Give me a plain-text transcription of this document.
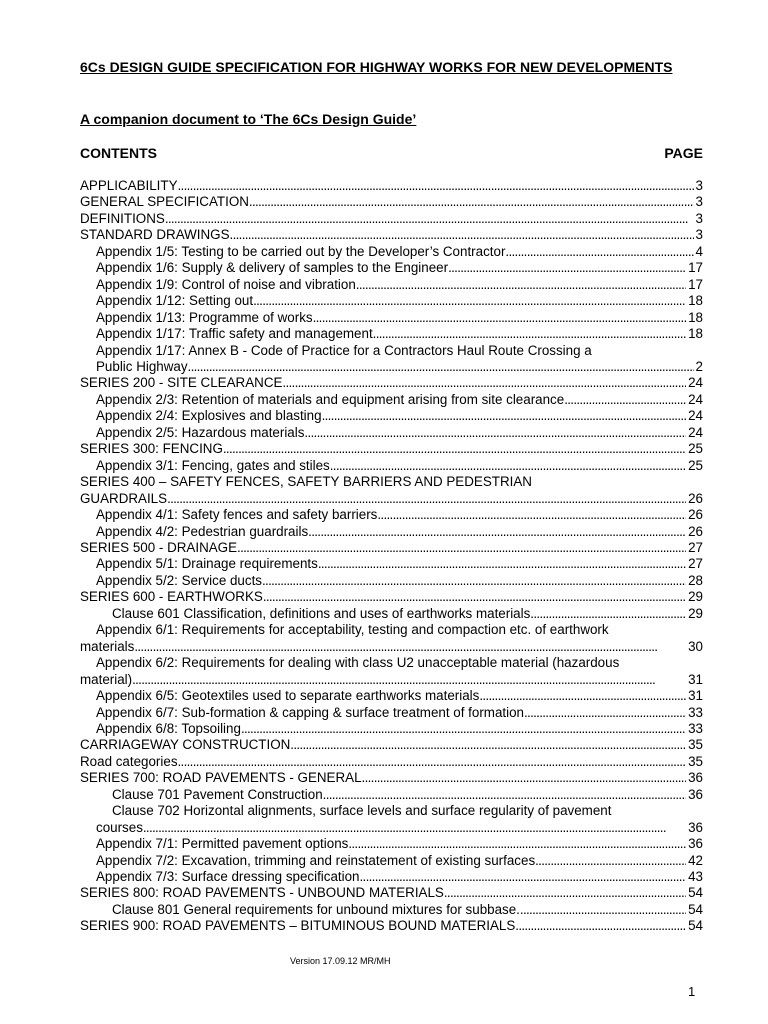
6Cs DESIGN GUIDE SPECIFICATION FOR HIGHWAY WORKS FOR NEW DEVELOPMENTS
A companion document to ‘The 6Cs Design Guide’
CONTENTS	PAGE
APPLICABILITY . . .	3
GENERAL SPECIFICATION . . .	3
DEFINITIONS . . .	3
STANDARD DRAWINGS . . .	3
Appendix 1/5: Testing to be carried out by the Developer’s Contractor . . .	4
Appendix 1/6: Supply & delivery of samples to the Engineer . . .	17
Appendix 1/9: Control of noise and vibration . . .	17
Appendix 1/12: Setting out . . .	18
Appendix 1/13: Programme of works . . .	18
Appendix 1/17: Traffic safety and management . . .	18
Appendix 1/17: Annex B - Code of Practice for a Contractors Haul Route Crossing a
Public Highway . . .	2
SERIES 200 - SITE CLEARANCE . . .	24
Appendix 2/3: Retention of materials and equipment arising from site clearance . . .	24
Appendix 2/4: Explosives and blasting . . .	24
Appendix 2/5: Hazardous materials . . .	24
SERIES 300: FENCING . . .	25
Appendix 3/1: Fencing, gates and stiles . . .	25
SERIES 400 – SAFETY FENCES, SAFETY BARRIERS AND PEDESTRIAN
GUARDRAILS . . .	26
Appendix 4/1: Safety fences and safety barriers . . .	26
Appendix 4/2: Pedestrian guardrails . . .	26
SERIES 500 - DRAINAGE . . .	27
Appendix 5/1: Drainage requirements . . .	27
Appendix 5/2: Service ducts . . .	28
SERIES 600 - EARTHWORKS . . .	29
Clause 601 Classification, definitions and uses of earthworks materials . . .	29
Appendix 6/1: Requirements for acceptability, testing and compaction etc. of earthwork
materials . . .	30
Appendix 6/2: Requirements for dealing with class U2 unacceptable material (hazardous
material) . . .	31
Appendix 6/5: Geotextiles used to separate earthworks materials . . .	31
Appendix 6/7: Sub-formation & capping & surface treatment of formation . . .	33
Appendix 6/8: Topsoiling . . .	33
CARRIAGEWAY CONSTRUCTION . . .	35
Road categories . . .	35
SERIES 700: ROAD PAVEMENTS - GENERAL . . .	36
Clause 701 Pavement Construction . . .	36
Clause 702 Horizontal alignments, surface levels and surface regularity of pavement
courses . . .	36
Appendix 7/1: Permitted pavement options . . .	36
Appendix 7/2: Excavation, trimming and reinstatement of existing surfaces . . .	42
Appendix 7/3: Surface dressing specification . . .	43
SERIES 800: ROAD PAVEMENTS - UNBOUND MATERIALS . . .	54
Clause 801 General requirements for unbound mixtures for subbase. . . .	54
SERIES 900: ROAD PAVEMENTS – BITUMINOUS BOUND MATERIALS . . .	54
Version 17.09.12 MR/MH
1
